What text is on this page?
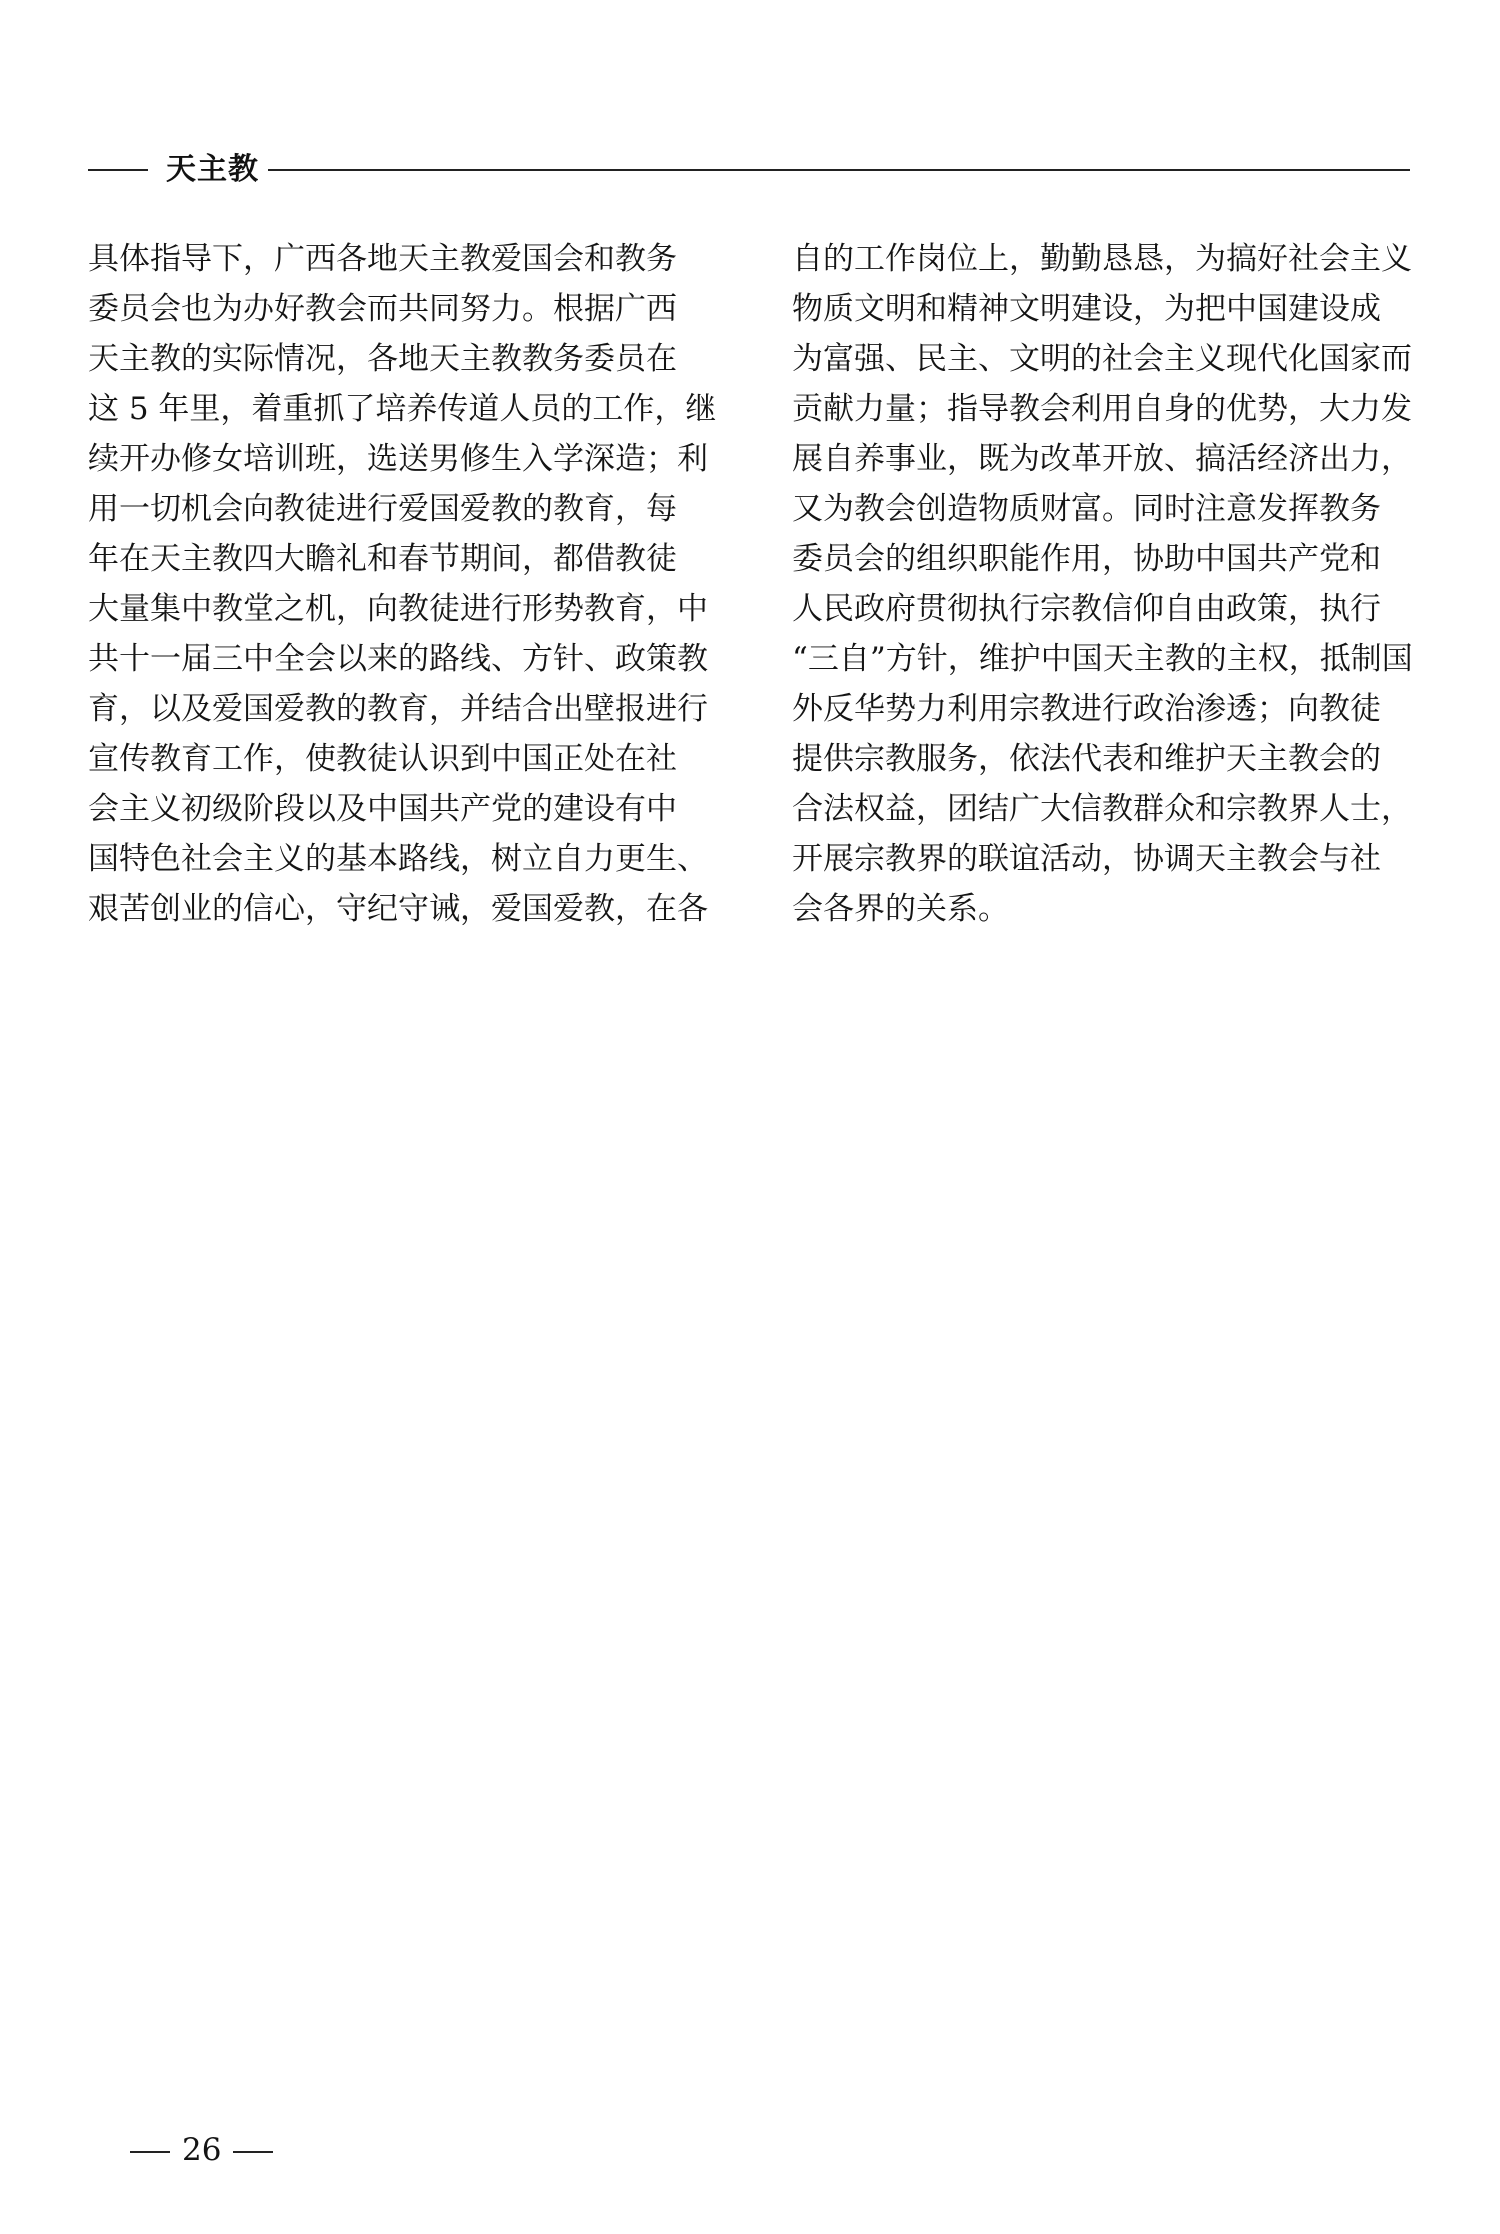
天主教
具体指导下，广西各地天主教爱国会和教务
委员会也为办好教会而共同努力。根据广西
天主教的实际情况，各地天主教教务委员在
这 5 年里，着重抓了培养传道人员的工作，继
续开办修女培训班，选送男修生入学深造；利
用一切机会向教徒进行爱国爱教的教育，每
年在天主教四大瞻礼和春节期间，都借教徒
大量集中教堂之机，向教徒进行形势教育，中
共十一届三中全会以来的路线、方针、政策教
育，以及爱国爱教的教育，并结合出壁报进行
宣传教育工作，使教徒认识到中国正处在社
会主义初级阶段以及中国共产党的建设有中
国特色社会主义的基本路线，树立自力更生、
艰苦创业的信心，守纪守诫，爱国爱教，在各
自的工作岗位上，勤勤恳恳，为搞好社会主义
物质文明和精神文明建设，为把中国建设成
为富强、民主、文明的社会主义现代化国家而
贡献力量；指导教会利用自身的优势，大力发
展自养事业，既为改革开放、搞活经济出力，
又为教会创造物质财富。同时注意发挥教务
委员会的组织职能作用，协助中国共产党和
人民政府贯彻执行宗教信仰自由政策，执行
“三自”方针，维护中国天主教的主权，抵制国
外反华势力利用宗教进行政治渗透；向教徒
提供宗教服务，依法代表和维护天主教会的
合法权益，团结广大信教群众和宗教界人士，
开展宗教界的联谊活动，协调天主教会与社
会各界的关系。
26
